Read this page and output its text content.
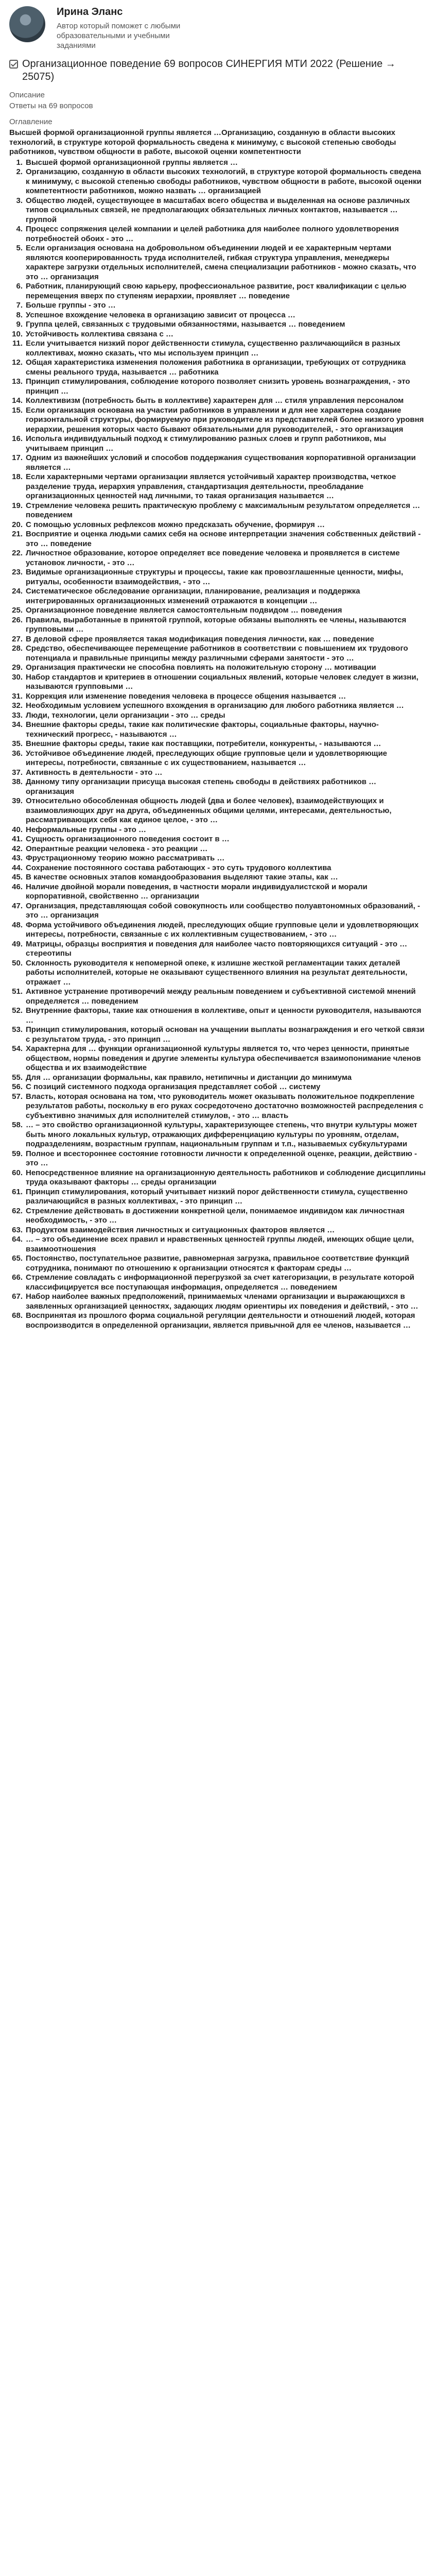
Ирина Эланс
Автор который поможет с любыми образовательными и учебными заданиями
Организационное поведение 69 вопросов СИНЕРГИЯ МТИ 2022 (Решение → 25075)
Описание
Ответы на 69 вопросов
Оглавление
Высшей формой организационной группы является …Организацию, созданную в области высоких технологий, в структуре которой формальность сведена к минимуму, с высокой степенью свободы работников, чувством общности в работе, высокой оценки компетентности
1. Высшей формой организационной группы является …
2. Организацию, созданную в области высоких технологий, в структуре которой формальность сведена к минимуму, с высокой степенью свободы работников, чувством общности в работе, высокой оценки компетентности работников, можно назвать … организацией
3. Общество людей, существующее в масштабах всего общества и выделенная на основе различных типов социальных связей, не предполагающих обязательных личных контактов, называется … группой
4. Процесс сопряжения целей компании и целей работника для наиболее полного удовлетворения потребностей обоих - это …
5. Если организация основана на добровольном объединении людей и ее характерным чертами являются кооперированность труда исполнителей, гибкая структура управления, менеджеры характере загрузки отдельных исполнителей, смена специализации работников - можно сказать, что это … организация
6. Работник, планирующий свою карьеру, профессиональное развитие, рост квалификации с целью перемещения вверх по ступеням иерархии, проявляет … поведение
7. Больше группы - это …
8. Успешное вхождение человека в организацию зависит от процесса …
9. Группа целей, связанных с трудовыми обязанностями, называется … поведением
10. Устойчивость коллектива связана с …
11. Если учитывается низкий порог действенности стимула, существенно различающийся в разных коллективах, можно сказать, что мы используем принцип …
12. Общая характеристика изменения положения работника в организации, требующих от сотрудника смены реального труда, называется … работника
13. Принцип стимулирования, соблюдение которого позволяет снизить уровень вознаграждения, - это принцип …
14. Коллективизм (потребность быть в коллективе) характерен для … стиля управления персоналом
15. Если организация основана на участии работников в управлении и для нее характерна создание горизонтальной структуры, формируемую при руководителе из представителей более низкого уровня иерархии, решения которых часто бывают обязательными для руководителей, - это организация
16. Испольга индивидуальный подход к стимулированию разных слоев и групп работников, мы учитываем принцип …
17. Одним из важнейших условий и способов поддержания существования корпоративной организации является …
18. Если характерными чертами организации является устойчивый характер производства, четкое разделение труда, иерархия управления, стандартизация деятельности, преобладание организационных ценностей над личными, то такая организация называется …
19. Стремление человека решить практическую проблему с максимальным результатом определяется … поведением
20. С помощью условных рефлексов можно предсказать обучение, формируя …
21. Восприятие и оценка людьми самих себя на основе интерпретации значения собственных действий - это … поведение
22. Личностное образование, которое определяет все поведение человека и проявляется в системе установок личности, - это …
23. Видимые организационные структуры и процессы, такие как провозглашенные ценности, мифы, ритуалы, особенности взаимодействия, - это …
24. Систематическое обследование организации, планирование, реализация и поддержка интегрированных организационных изменений отражаются в концепции …
25. Организационное поведение является самостоятельным подвидом … поведения
26. Правила, выработанные в принятой группой, которые обязаны выполнять ее члены, называются групповыми …
27. В деловой сфере проявляется такая модификация поведения личности, как … поведение
28. Средство, обеспечивающее перемещение работников в соответствии с повышением их трудового потенциала и правильные принципы между различными сферами занятости - это …
29. Организация практически не способна повлиять на положительную сторону … мотивации
30. Набор стандартов и критериев в отношении социальных явлений, которые человек следует в жизни, называются групповыми …
31. Коррекция или изменение поведения человека в процессе общения называется …
32. Необходимым условием успешного вхождения в организацию для любого работника является …
33. Люди, технологии, цели организации - это … среды
34. Внешние факторы среды, такие как политические факторы, социальные факторы, научно-технический прогресс, - называются …
35. Внешние факторы среды, такие как поставщики, потребители, конкуренты, - называются …
36. Устойчивое объединение людей, преследующих общие групповые цели и удовлетворяющие интересы, потребности, связанные с их существованием, называется …
37. Активность в деятельности - это …
38. Данному типу организации присуща высокая степень свободы в действиях работников … организация
39. Относительно обособленная общность людей (два и более человек), взаимодействующих и взаимовлияющих друг на друга, объединенных общими целями, интересами, деятельностью, рассматривающих себя как единое целое, - это …
40. Неформальные группы - это …
41. Сущность организационного поведения состоит в …
42. Оперантные реакции человека - это реакции …
43. Фрустрационному теорию можно рассматривать …
44. Сохранение постоянного состава работающих - это суть трудового коллектива
45. В качестве основных этапов командообразования выделяют такие этапы, как …
46. Наличие двойной морали поведения, в частности морали индивидуалистской и морали корпоративной, свойственно … организации
47. Организация, представляющая собой совокупность или сообщество полуавтономных образований, - это … организация
48. Форма устойчивого объединения людей, преследующих общие групповые цели и удовлетворяющих интересы, потребности, связанные с их коллективным существованием, - это …
49. Матрицы, образцы восприятия и поведения для наиболее часто повторяющихся ситуаций - это … стереотипы
50. Склонность руководителя к непомерной опеке, к излишне жесткой регламентации таких деталей работы исполнителей, которые не оказывают существенного влияния на результат деятельности, отражает …
51. Активное устранение противоречий между реальным поведением и субъективной системой мнений определяется … поведением
52. Внутренние факторы, такие как отношения в коллективе, опыт и ценности руководителя, называются …
53. Принцип стимулирования, который основан на учащении выплаты вознаграждения и его четкой связи с результатом труда, - это принцип …
54. Характерна для … функции организационной культуры является то, что через ценности, принятые обществом, нормы поведения и другие элементы культура обеспечивается взаимопонимание членов общества и их взаимодействие
55. Для … организации формальны, как правило, нетипичны и дистанции до минимума
56. С позиций системного подхода организация представляет собой … систему
57. Власть, которая основана на том, что руководитель может оказывать положительное подкрепление результатов работы, поскольку в его руках сосредоточено достаточно возможностей распределения с субъективно значимых для исполнителей стимулов, - это … власть
58. … – это свойство организационной культуры, характеризующее степень, что внутри культуры может быть много локальных культур, отражающих дифференциацию культуры по уровням, отделам, подразделениям, возрастным группам, национальным группам и т.п., называемых субкультурами
59. Полное и всестороннее состояние готовности личности к определенной оценке, реакции, действию - это …
60. Непосредственное влияние на организационную деятельность работников и соблюдение дисциплины труда оказывают факторы … среды организации
61. Принцип стимулирования, который учитывает низкий порог действенности стимула, существенно различающийся в разных коллективах, - это принцип …
62. Стремление действовать в достижении конкретной цели, понимаемое индивидом как личностная необходимость, - это …
63. Продуктом взаимодействия личностных и ситуационных факторов является …
64. … – это объединение всех правил и нравственных ценностей группы людей, имеющих общие цели, взаимоотношения
65. Постоянство, поступательное развитие, равномерная загрузка, правильное соответствие функций сотрудника, понимают по отношению к организации относятся к факторам среды …
66. Стремление совладать с информационной перегрузкой за счет категоризации, в результате которой классифицируется все поступающая информация, определяется … поведением
67. Набор наиболее важных предположений, принимаемых членами организации и выражающихся в заявленных организацией ценностях, задающих людям ориентиры их поведения и действий, - это …
68. Воспринятая из прошлого форма социальной регуляции деятельности и отношений людей, которая воспроизводится в определенной организации, является привычной для ее членов, называется …
